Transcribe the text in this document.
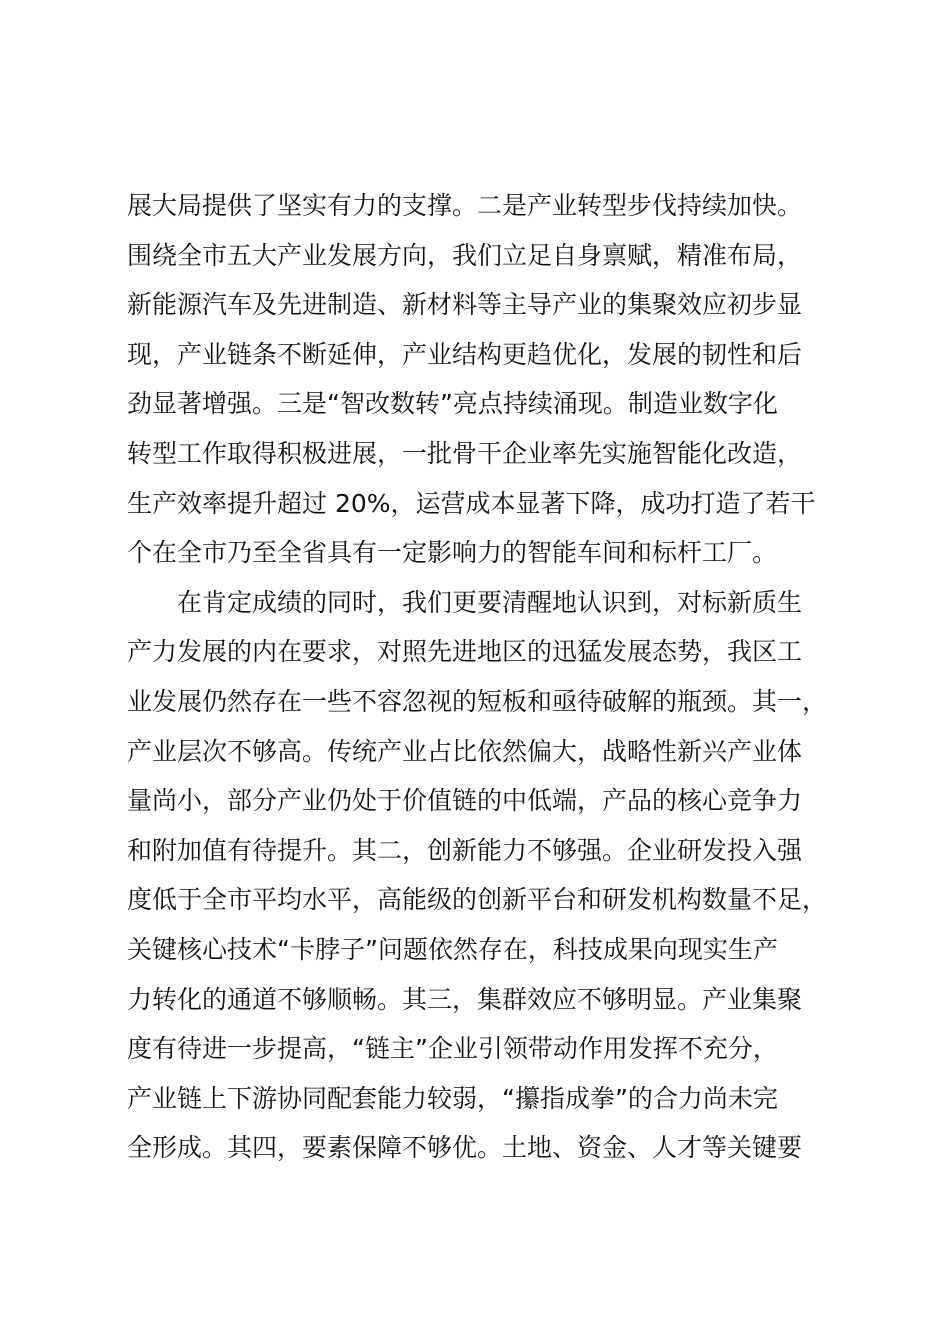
展大局提供了坚实有力的支撑。二是产业转型步伐持续加快。
围绕全市五大产业发展方向，我们立足自身禀赋，精准布局，
新能源汽车及先进制造、新材料等主导产业的集聚效应初步显
现，产业链条不断延伸，产业结构更趋优化，发展的韧性和后
劲显著增强。三是“智改数转”亮点持续涌现。制造业数字化
转型工作取得积极进展，一批骨干企业率先实施智能化改造，
生产效率提升超过 20%，运营成本显著下降，成功打造了若干
个在全市乃至全省具有一定影响力的智能车间和标杆工厂。
在肯定成绩的同时，我们更要清醒地认识到，对标新质生
产力发展的内在要求，对照先进地区的迅猛发展态势，我区工
业发展仍然存在一些不容忽视的短板和亟待破解的瓶颈。其一，
产业层次不够高。传统产业占比依然偏大，战略性新兴产业体
量尚小，部分产业仍处于价值链的中低端，产品的核心竞争力
和附加值有待提升。其二，创新能力不够强。企业研发投入强
度低于全市平均水平，高能级的创新平台和研发机构数量不足，
关键核心技术“卡脖子”问题依然存在，科技成果向现实生产
力转化的通道不够顺畅。其三，集群效应不够明显。产业集聚
度有待进一步提高，“链主”企业引领带动作用发挥不充分，
产业链上下游协同配套能力较弱，“攥指成拳”的合力尚未完
全形成。其四，要素保障不够优。土地、资金、人才等关键要
